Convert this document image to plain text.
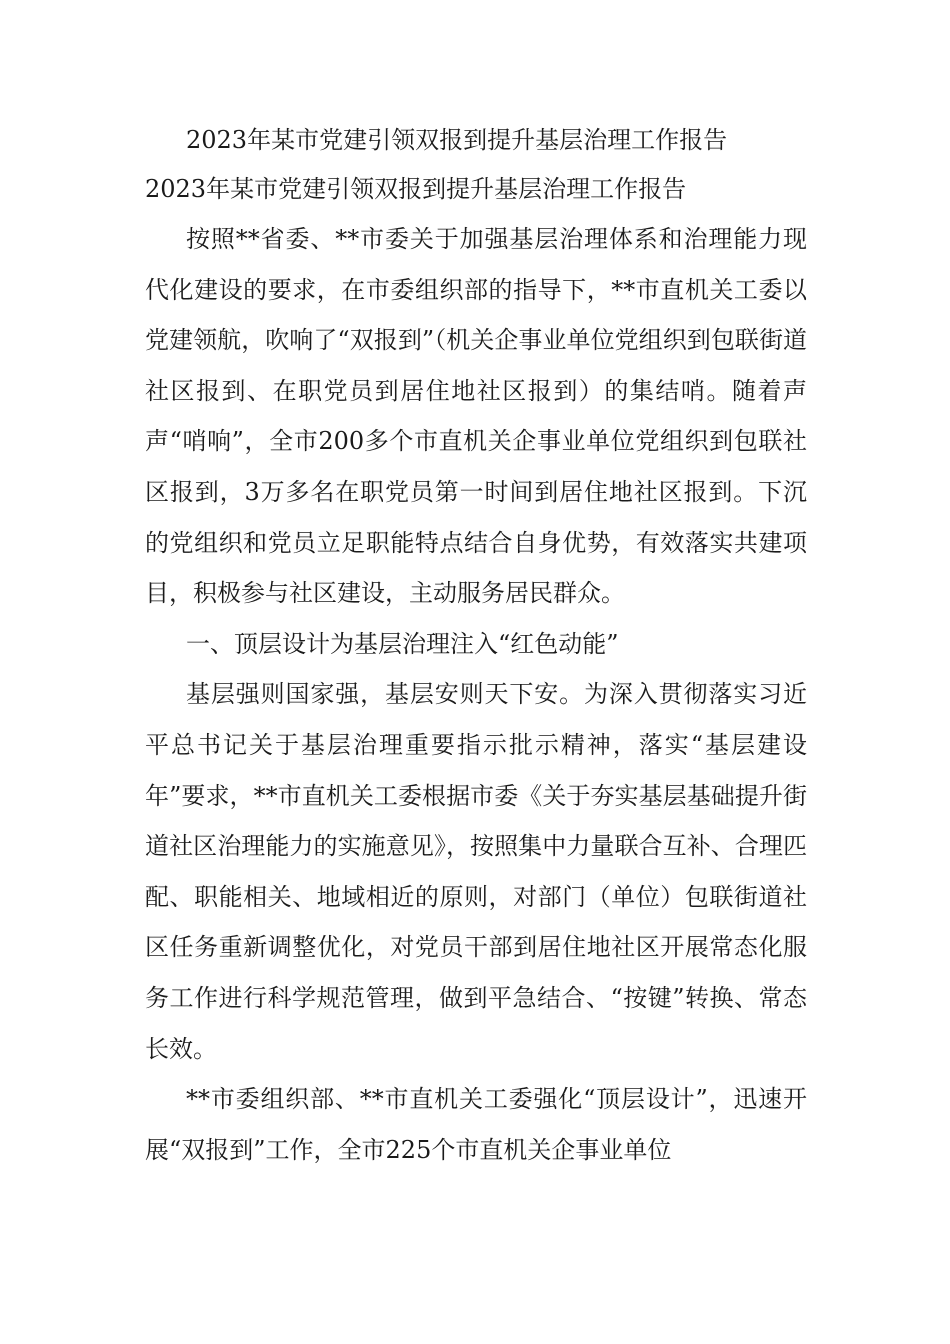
2023年某市党建引领双报到提升基层治理工作报告

2023年某市党建引领双报到提升基层治理工作报告

按照**省委、**市委关于加强基层治理体系和治理能力现代化建设的要求，在市委组织部的指导下，**市直机关工委以党建领航，吹响了“双报到”（机关企事业单位党组织到包联街道社区报到、在职党员到居住地社区报到）的集结哨。随着声声“哨响”，全市200多个市直机关企事业单位党组织到包联社区报到，3万多名在职党员第一时间到居住地社区报到。下沉的党组织和党员立足职能特点结合自身优势，有效落实共建项目，积极参与社区建设，主动服务居民群众。

一、顶层设计为基层治理注入“红色动能”

基层强则国家强，基层安则天下安。为深入贯彻落实习近平总书记关于基层治理重要指示批示精神，落实“基层建设年”要求，**市直机关工委根据市委《关于夯实基层基础提升街道社区治理能力的实施意见》，按照集中力量联合互补、合理匹配、职能相关、地域相近的原则，对部门（单位）包联街道社区任务重新调整优化，对党员干部到居住地社区开展常态化服务工作进行科学规范管理，做到平急结合、“按键”转换、常态长效。

**市委组织部、**市直机关工委强化“顶层设计”，迅速开展“双报到”工作，全市225个市直机关企事业单位
